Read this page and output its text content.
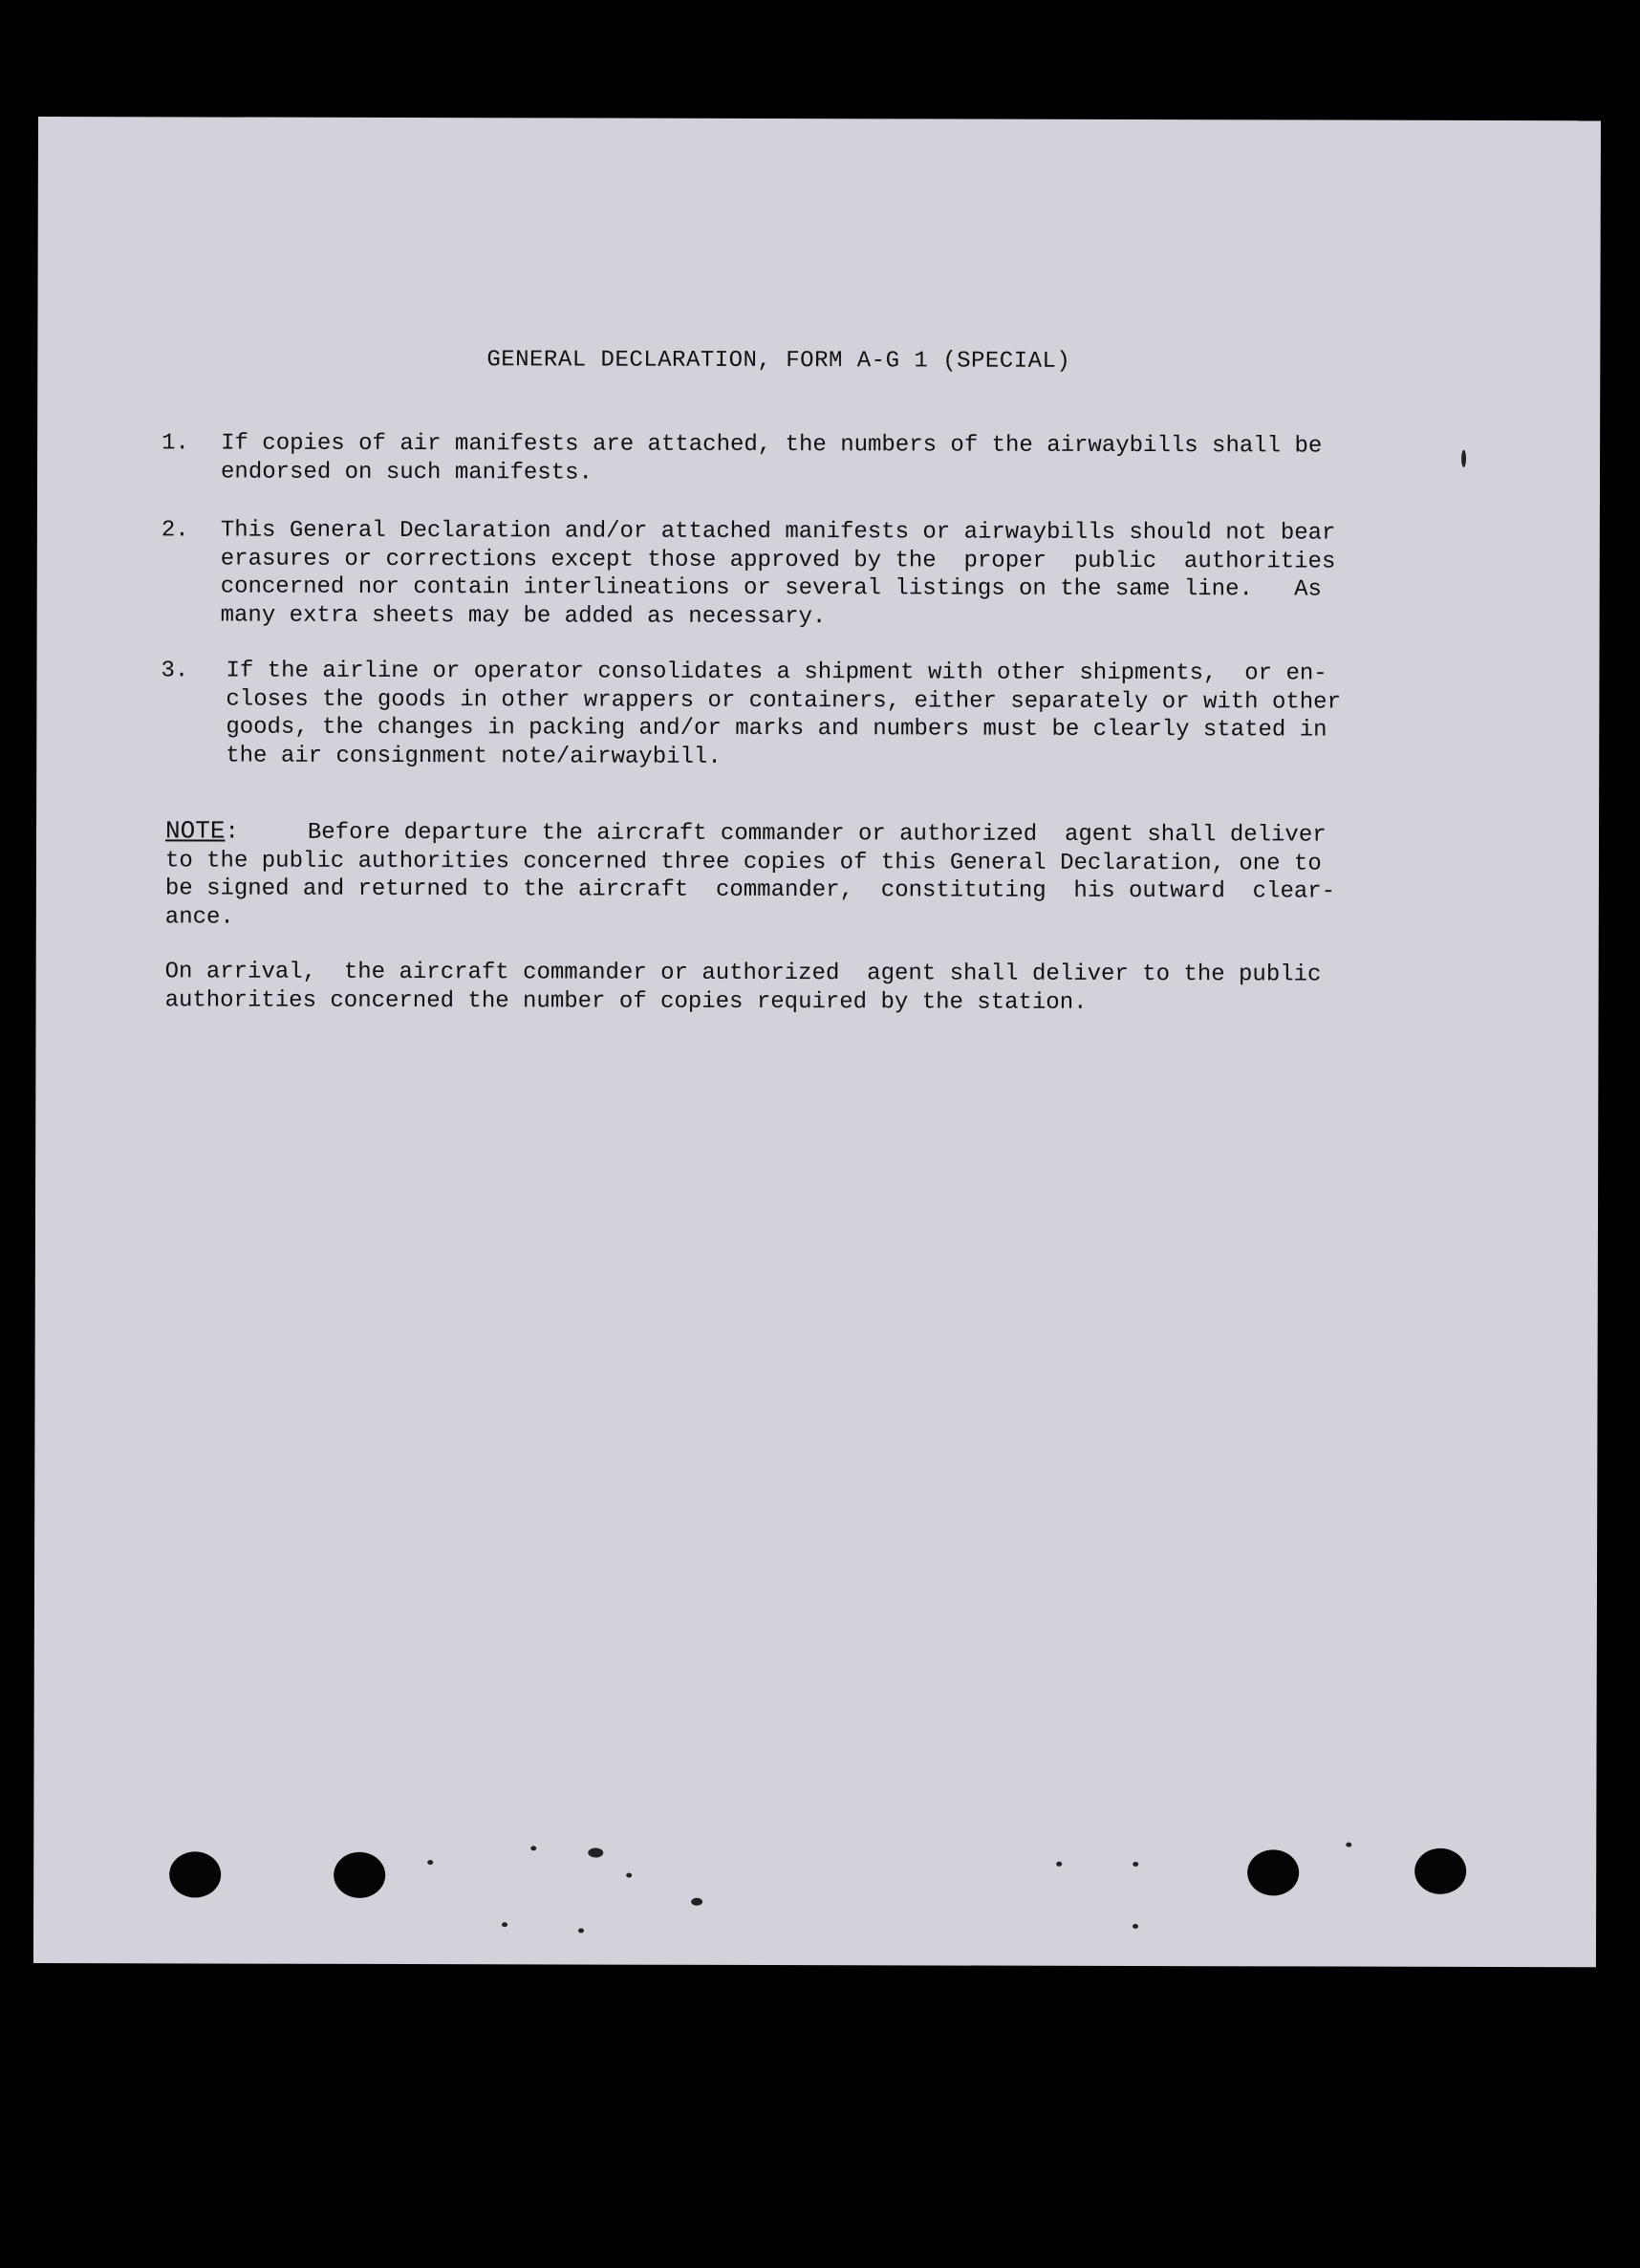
GENERAL DECLARATION, FORM A-G 1 (SPECIAL)
1.	If copies of air manifests are attached, the numbers of the airwaybills shall be
endorsed on such manifests.
2.	This General Declaration and/or attached manifests or airwaybills should not bear
erasures or corrections except those approved by the  proper  public  authorities
concerned nor contain interlineations or several listings on the same line.   As
many extra sheets may be added as necessary.
3.	If the airline or operator consolidates a shipment with other shipments,  or en-
closes the goods in other wrappers or containers, either separately or with other
goods, the changes in packing and/or marks and numbers must be clearly stated in
the air consignment note/airwaybill.
NOTE:     Before departure the aircraft commander or authorized  agent shall deliver
to the public authorities concerned three copies of this General Declaration, one to
be signed and returned to the aircraft  commander,  constituting  his outward  clear-
ance.
On arrival,  the aircraft commander or authorized  agent shall deliver to the public
authorities concerned the number of copies required by the station.
